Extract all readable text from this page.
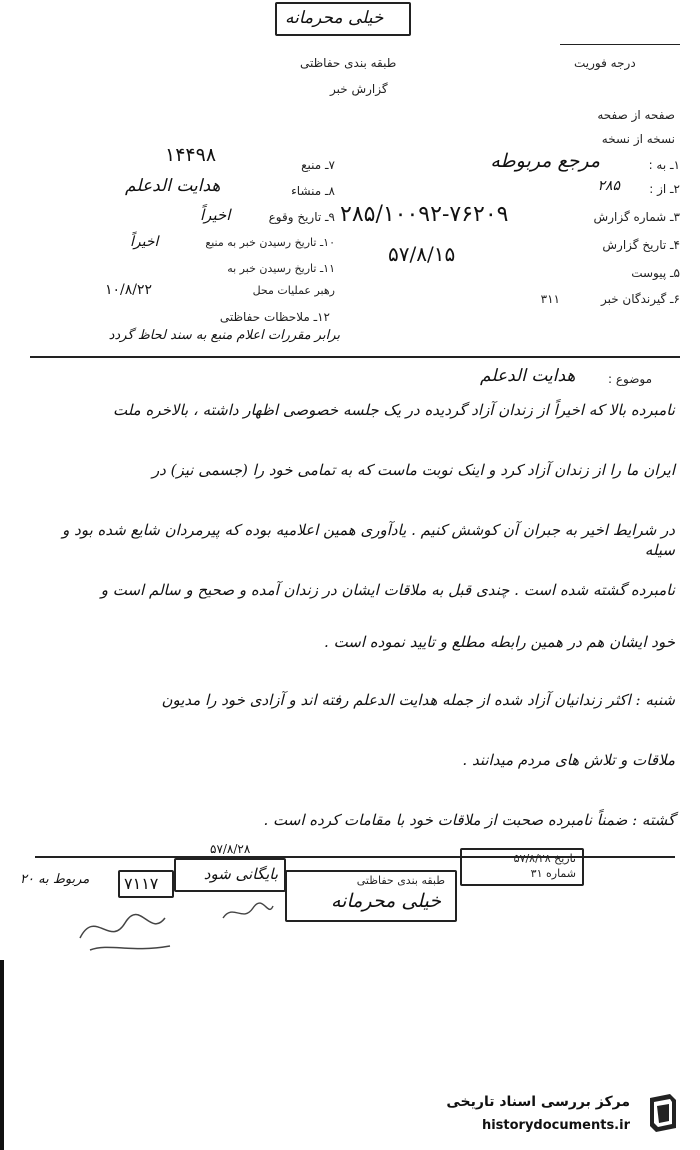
خیلی محرمانه
طبقه بندی حفاظتی
گزارش خبر
درجه فوریت
صفحه از صفحه
نسخه از نسخه
۱ـ به :
مرجع مربوطه
۲ـ از :
۲۸۵
۳ـ شماره گزارش
۲۸۵/۱۰۰۹۲-۷۶۲۰۹
۴ـ تاریخ گزارش
۵۷/۸/۱۵
۵ـ پیوست
۶ـ گیرندگان خبر
۳۱۱
۷ـ منبع
۱۴۴۹۸
۸ـ منشاء
هدایت الدعلم
۹ـ تاریخ وقوع
اخیراً
۱۰ـ تاریخ رسیدن خبر به منبع
اخیراً
۱۱ـ تاریخ رسیدن خبر به
رهبر عملیات محل
۱۰/۸/۲۲
۱۲ـ ملاحظات حفاظتی
برابر مقررات اعلام منبع به سند لحاظ گردد
موضوع :
هدایت الدعلم
نامبرده بالا که اخیراً از زندان آزاد گردیده در یک جلسه خصوصی اظهار داشته ، بالاخره ملت
ایران ما را از زندان آزاد کرد و اینک نوبت ماست که به تمامی خود را (جسمی نیز) در
در شرایط اخیر به جبران آن کوشش کنیم . یادآوری همین اعلامیه بوده که پیرمردان شایع شده بود و سیله
نامبرده گشته شده است . چندی قبل به ملاقات ایشان در زندان آمده و صحیح و سالم است و
خود ایشان هم در همین رابطه مطلع و تایید نموده است .
شنبه : اکثر زندانیان آزاد شده از جمله هدایت الدعلم رفته اند و آزادی خود را مدیون
ملاقات و تلاش های مردم میدانند .
گشته : ضمناً نامبرده صحبت از ملاقات خود با مقامات کرده است .
تاریخ ۵۷/۸/۲۸
شماره ۳۱
طبقه بندی حفاظتی
خیلی محرمانه
بایگانی شود
۵۷/۸/۲۸
۷۱۱۷
مربوط به ۲۰
مرکز بررسی اسناد تاریخی
historydocuments.ir
